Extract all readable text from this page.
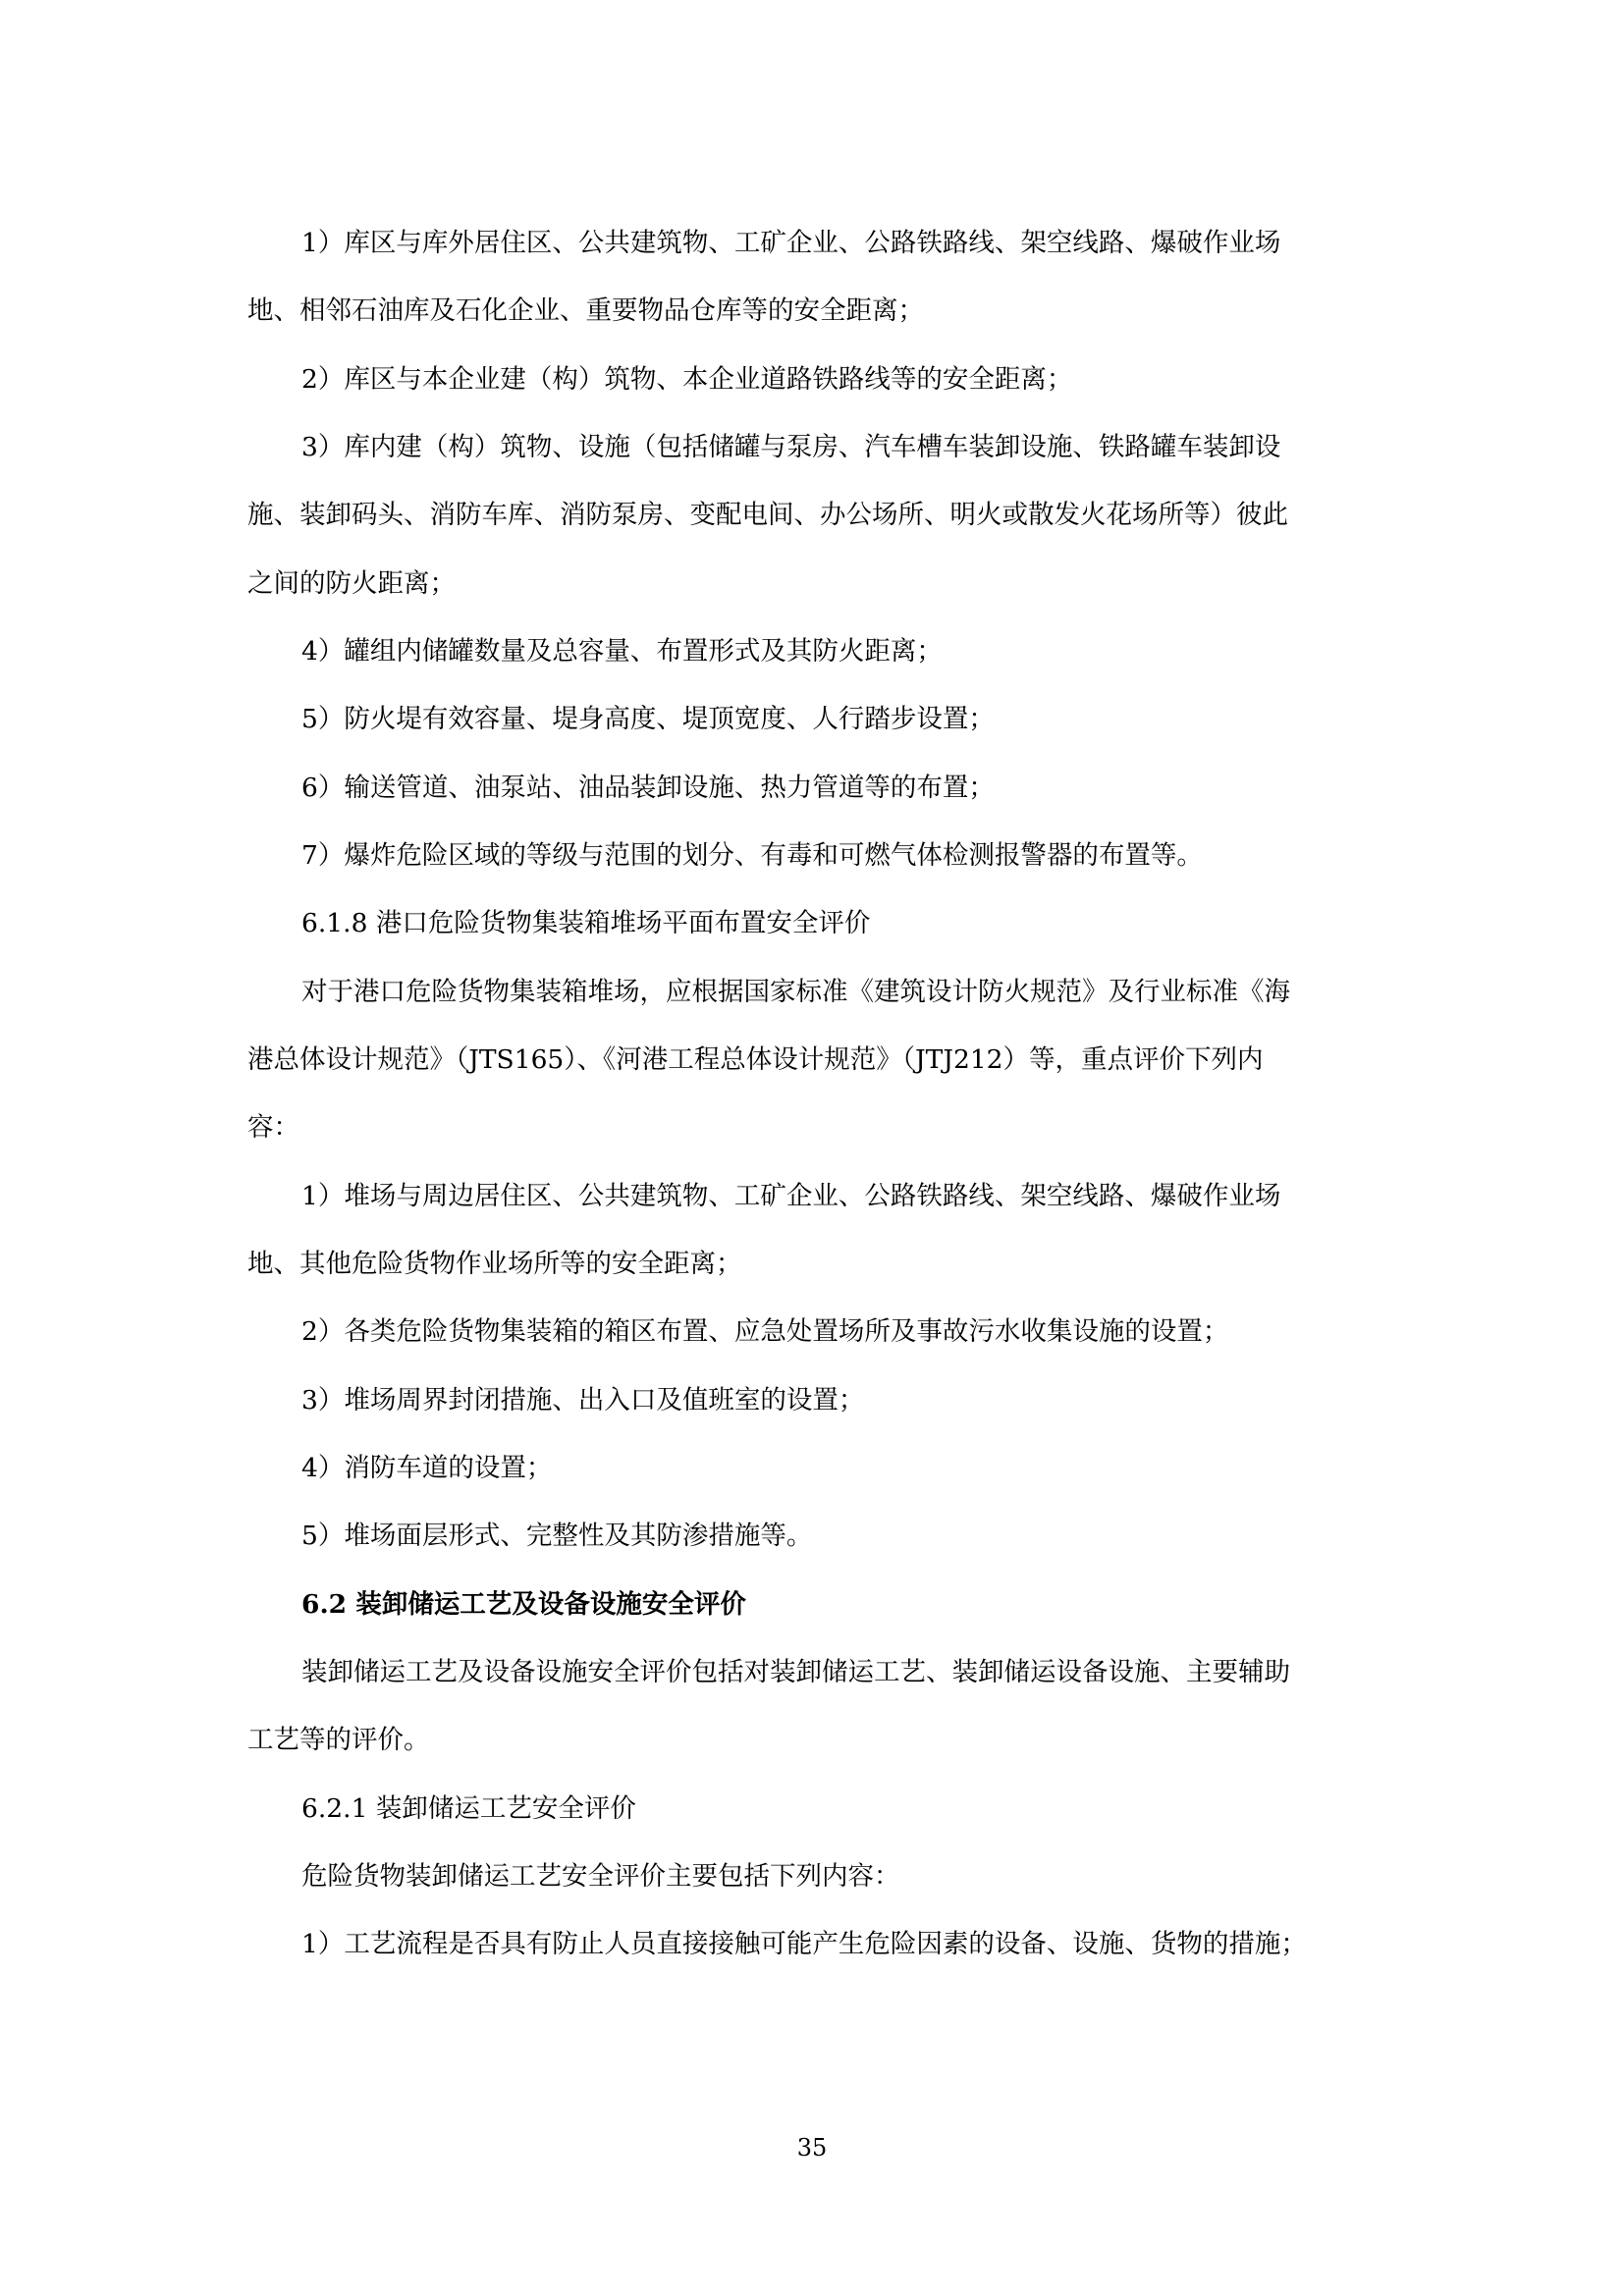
1）库区与库外居住区、公共建筑物、工矿企业、公路铁路线、架空线路、爆破作业场
地、相邻石油库及石化企业、重要物品仓库等的安全距离；
2）库区与本企业建（构）筑物、本企业道路铁路线等的安全距离；
3）库内建（构）筑物、设施（包括储罐与泵房、汽车槽车装卸设施、铁路罐车装卸设
施、装卸码头、消防车库、消防泵房、变配电间、办公场所、明火或散发火花场所等）彼此
之间的防火距离；
4）罐组内储罐数量及总容量、布置形式及其防火距离；
5）防火堤有效容量、堤身高度、堤顶宽度、人行踏步设置；
6）输送管道、油泵站、油品装卸设施、热力管道等的布置；
7）爆炸危险区域的等级与范围的划分、有毒和可燃气体检测报警器的布置等。
6.1.8 港口危险货物集装箱堆场平面布置安全评价
对于港口危险货物集装箱堆场，应根据国家标准《建筑设计防火规范》及行业标准《海
港总体设计规范》（JTS165）、《河港工程总体设计规范》（JTJ212）等，重点评价下列内
容：
1）堆场与周边居住区、公共建筑物、工矿企业、公路铁路线、架空线路、爆破作业场
地、其他危险货物作业场所等的安全距离；
2）各类危险货物集装箱的箱区布置、应急处置场所及事故污水收集设施的设置；
3）堆场周界封闭措施、出入口及值班室的设置；
4）消防车道的设置；
5）堆场面层形式、完整性及其防渗措施等。
6.2 装卸储运工艺及设备设施安全评价
装卸储运工艺及设备设施安全评价包括对装卸储运工艺、装卸储运设备设施、主要辅助
工艺等的评价。
6.2.1 装卸储运工艺安全评价
危险货物装卸储运工艺安全评价主要包括下列内容：
1）工艺流程是否具有防止人员直接接触可能产生危险因素的设备、设施、货物的措施；
35
